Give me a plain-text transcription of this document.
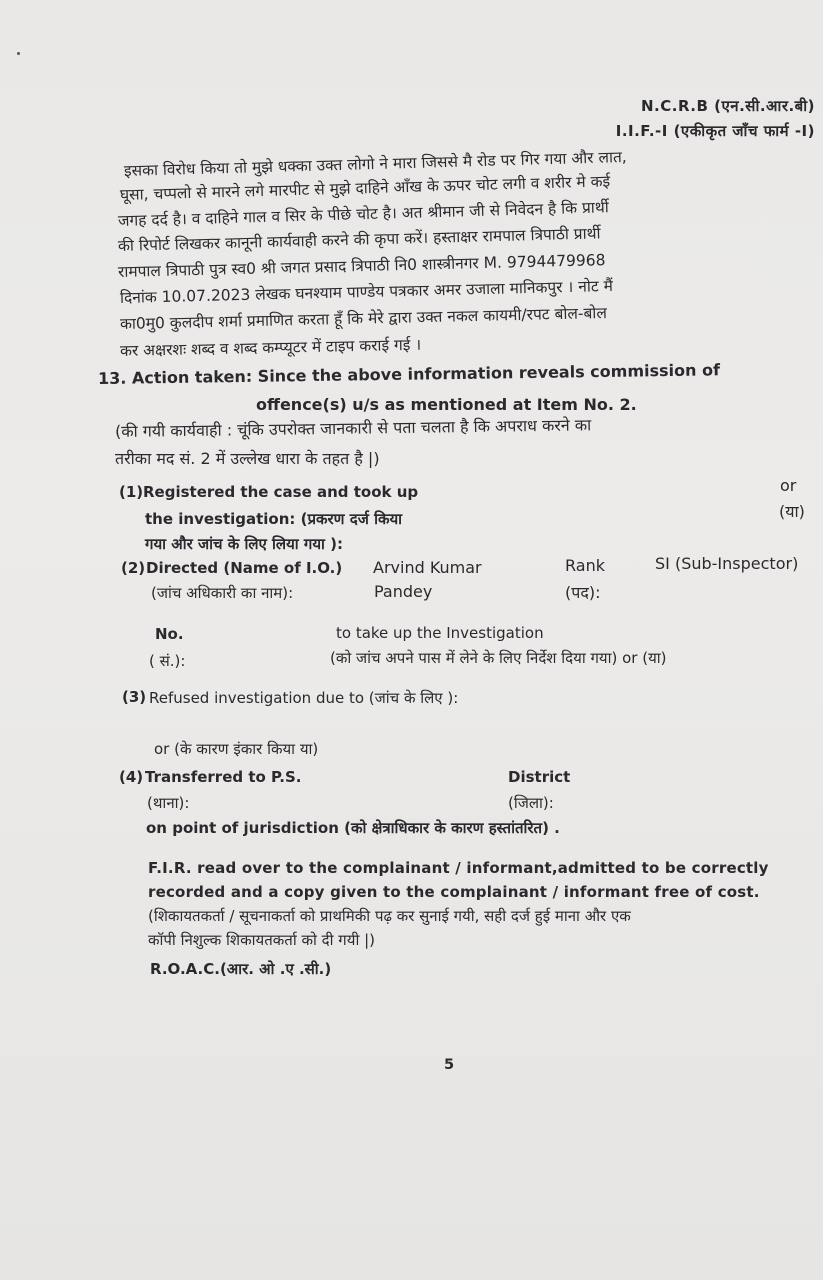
N.C.R.B (एन.सी.आर.बी)
I.I.F.-I (एकीकृत जाँच फार्म -I)
इसका विरोध किया तो मुझे धक्का उक्त लोगो ने मारा जिससे मै रोड पर गिर गया और लात,
घूसा, चप्पलो से मारने लगे मारपीट से मुझे दाहिने आँख के ऊपर चोट लगी व शरीर मे कई
जगह दर्द है। व दाहिने गाल व सिर के पीछे चोट है। अत श्रीमान जी से निवेदन है कि प्रार्थी
की रिपोर्ट लिखकर कानूनी कार्यवाही करने की कृपा करें। हस्ताक्षर रामपाल त्रिपाठी प्रार्थी
रामपाल त्रिपाठी पुत्र स्व0 श्री जगत प्रसाद त्रिपाठी नि0 शास्त्रीनगर M. 9794479968
दिनांक 10.07.2023 लेखक घनश्याम पाण्डेय पत्रकार अमर उजाला मानिकपुर । नोट मैं
का0मु0 कुलदीप शर्मा प्रमाणित करता हूँ कि मेरे द्वारा उक्त नकल कायमी/रपट बोल-बोल
कर अक्षरशः शब्द व शब्द कम्प्यूटर में टाइप कराई गई ।
13. Action taken: Since the above information reveals commission of
offence(s) u/s as mentioned at Item No. 2.
(की गयी कार्यवाही : चूंकि उपरोक्त जानकारी से पता चलता है कि अपराध करने का
तरीका मद सं. 2 में उल्लेख धारा के तहत है |)
(1) Registered the case and took up
the investigation: (प्रकरण दर्ज किया
गया और जांच के लिए लिया गया ):
or
(या)
(2) Directed (Name of I.O.)
(जांच अधिकारी का नाम):
Arvind Kumar
Pandey
Rank
(पद):
SI (Sub-Inspector)
No.
( सं.):
to take up the Investigation
(को जांच अपने पास में लेने के लिए निर्देश दिया गया) or (या)
(3) Refused investigation due to (जांच के लिए ):
or (के कारण इंकार किया या)
(4) Transferred to P.S.
(थाना):
District
(जिला):
on point of jurisdiction (को क्षेत्राधिकार के कारण हस्तांतरित) .
F.I.R. read over to the complainant / informant,admitted to be correctly
recorded and a copy given to the complainant / informant free of cost.
(शिकायतकर्ता / सूचनाकर्ता को प्राथमिकी पढ़ कर सुनाई गयी, सही दर्ज हुई माना और एक
कॉपी निशुल्क शिकायतकर्ता को दी गयी |)
R.O.A.C.(आर. ओ .ए .सी.)
5
